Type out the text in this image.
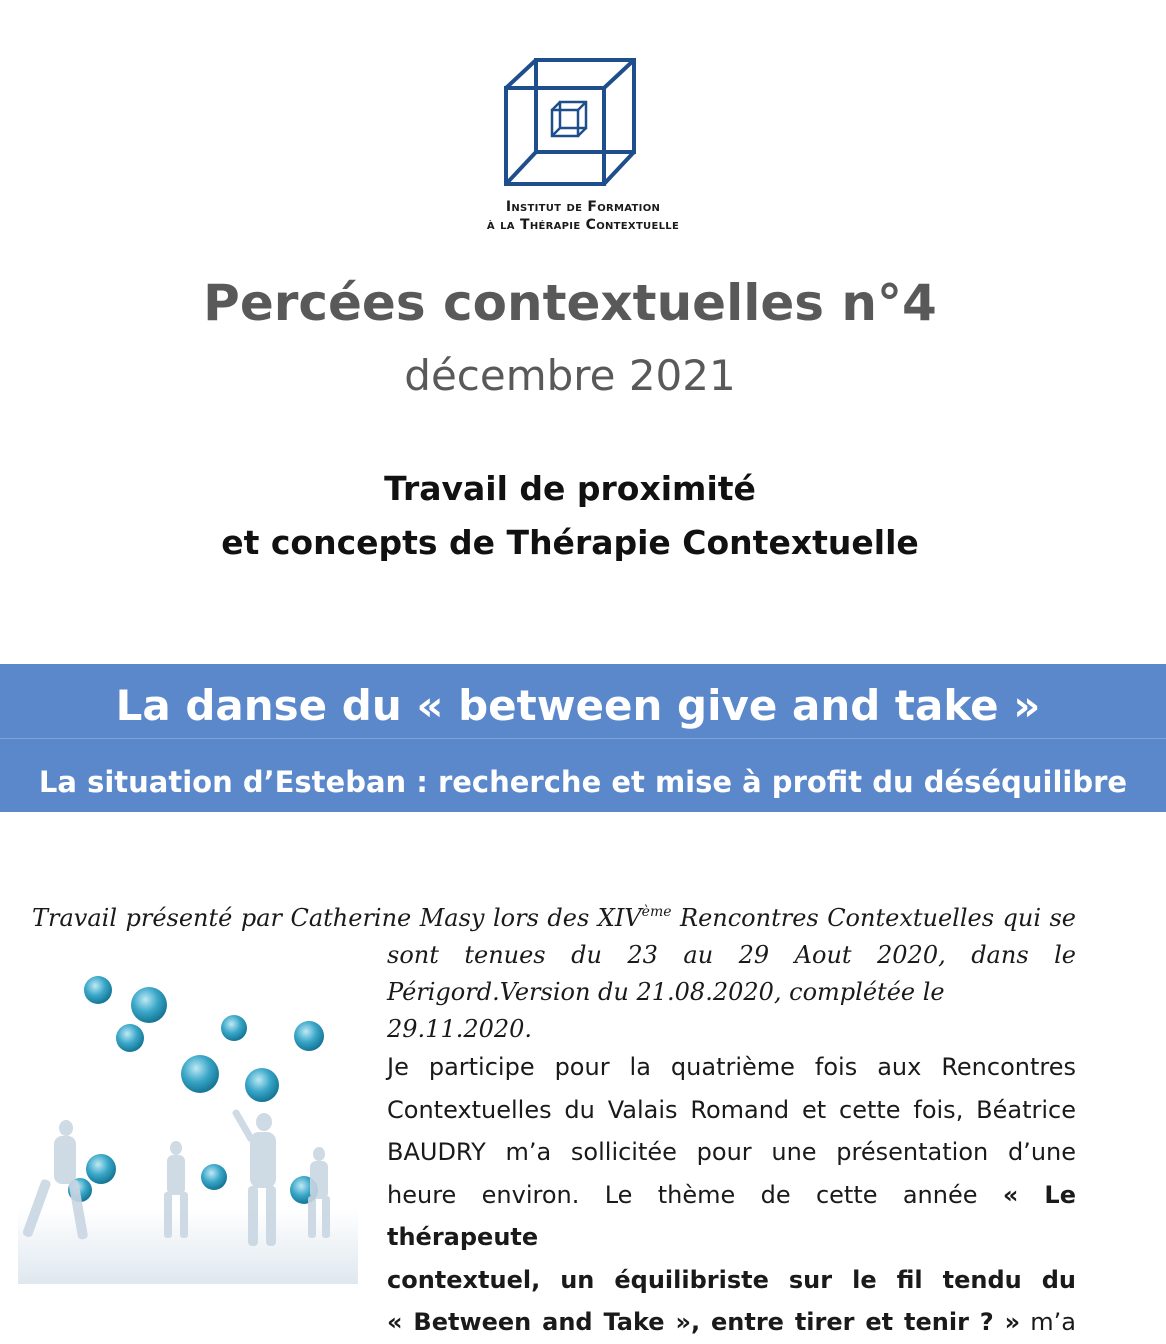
Institut de Formation
à la Thérapie Contextuelle
Percées contextuelles n°4
décembre 2021
Travail de proximité
et concepts de Thérapie Contextuelle
La danse du « between give and take »
La situation d’Esteban : recherche et mise à profit du déséquilibre
Travail présenté par Catherine Masy lors des XIVème Rencontres Contextuelles qui se
sont tenues du 23 au 29 Aout 2020, dans le
Périgord.Version du 21.08.2020, complétée le 29.11.2020.
Je participe pour la quatrième fois aux Rencontres
Contextuelles du Valais Romand et cette fois, Béatrice
BAUDRY m’a sollicitée pour une présentation d’une
heure environ. Le thème de cette année « Le thérapeute
contextuel, un équilibriste sur le fil tendu du
« Between and Take », entre tirer et tenir ? » m’a
